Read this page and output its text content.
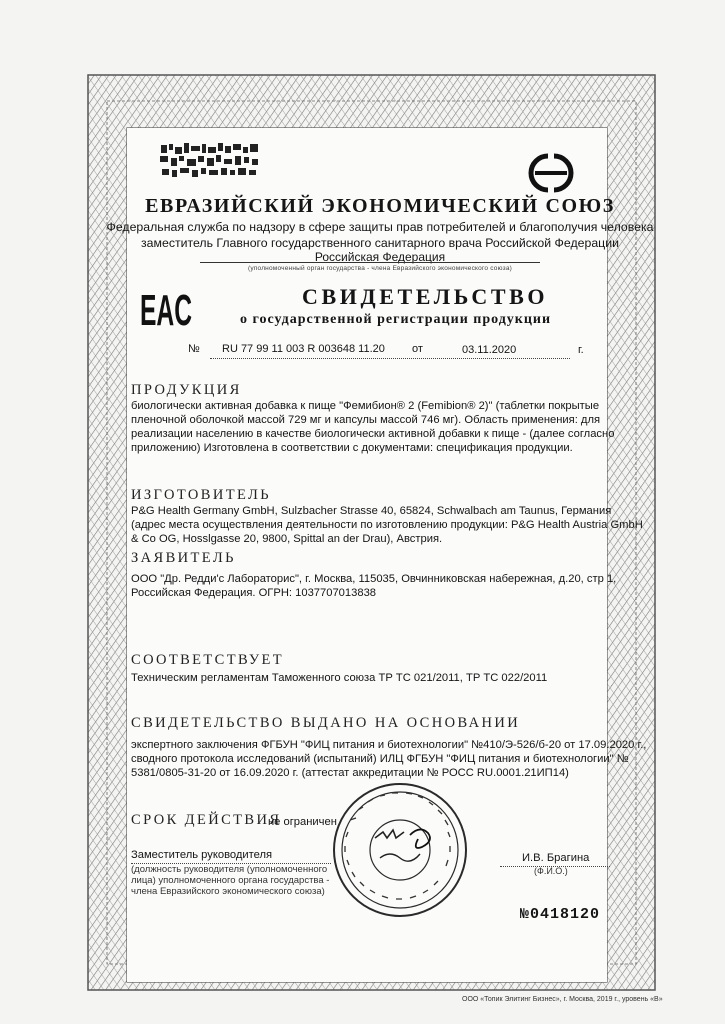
ЕВРАЗИЙСКИЙ ЭКОНОМИЧЕСКИЙ СОЮЗ
Федеральная служба по надзору в сфере защиты прав потребителей и благополучия человека
заместитель Главного государственного санитарного врача Российской Федерации
Российская Федерация
(уполномоченный орган государства - члена Евразийского экономического союза)
EAC	СВИДЕТЕЛЬСТВО
о государственной регистрации продукции
№ RU 77 99 11 003 R 003648 11.20 от	03.11.2020	г.
ПРОДУКЦИЯ
биологически активная добавка к пище "Фемибион® 2 (Femibion® 2)" (таблетки покрытые
пленочной оболочкой массой 729 мг и капсулы массой 746 мг). Область применения: для
реализации населению в качестве биологически активной добавки к пище - (далее согласно
приложению) Изготовлена в соответствии с документами: спецификация продукции.
ИЗГОТОВИТЕЛЬ
P&G Health Germany GmbH, Sulzbacher Strasse 40, 65824, Schwalbach am Taunus, Германия
(адрес места осуществления деятельности по изготовлению продукции: P&G Health Austria GmbH
& Co OG, Hosslgasse 20, 9800, Spittal an der Drau), Австрия.
ЗАЯВИТЕЛЬ
ООО "Др. Редди'с Лабораторис", г. Москва, 115035, Овчинниковская набережная, д.20, стр 1,
Российская Федерация. ОГРН: 1037707013838
СООТВЕТСТВУЕТ
Техническим регламентам Таможенного союза ТР ТС 021/2011, ТР ТС 022/2011
СВИДЕТЕЛЬСТВО ВЫДАНО НА ОСНОВАНИИ
экспертного заключения ФГБУН "ФИЦ питания и биотехнологии" №410/Э-526/б-20 от 17.09.2020 г.,
сводного протокола исследований (испытаний) ИЛЦ ФГБУН "ФИЦ питания и биотехнологии" №
5381/0805-31-20 от 16.09.2020 г. (аттестат аккредитации № РОСС RU.0001.21ИП14)
СРОК ДЕЙСТВИЯ
не ограничен
Заместитель руководителя
(должность руководителя (уполномоченного
лица) уполномоченного органа государства -
члена Евразийского экономического союза)
И.В. Брагина
(Ф.И.О.)
№0418120
ООО «Топик Элитинг Бизнес», г. Москва, 2019 г., уровень «В»
